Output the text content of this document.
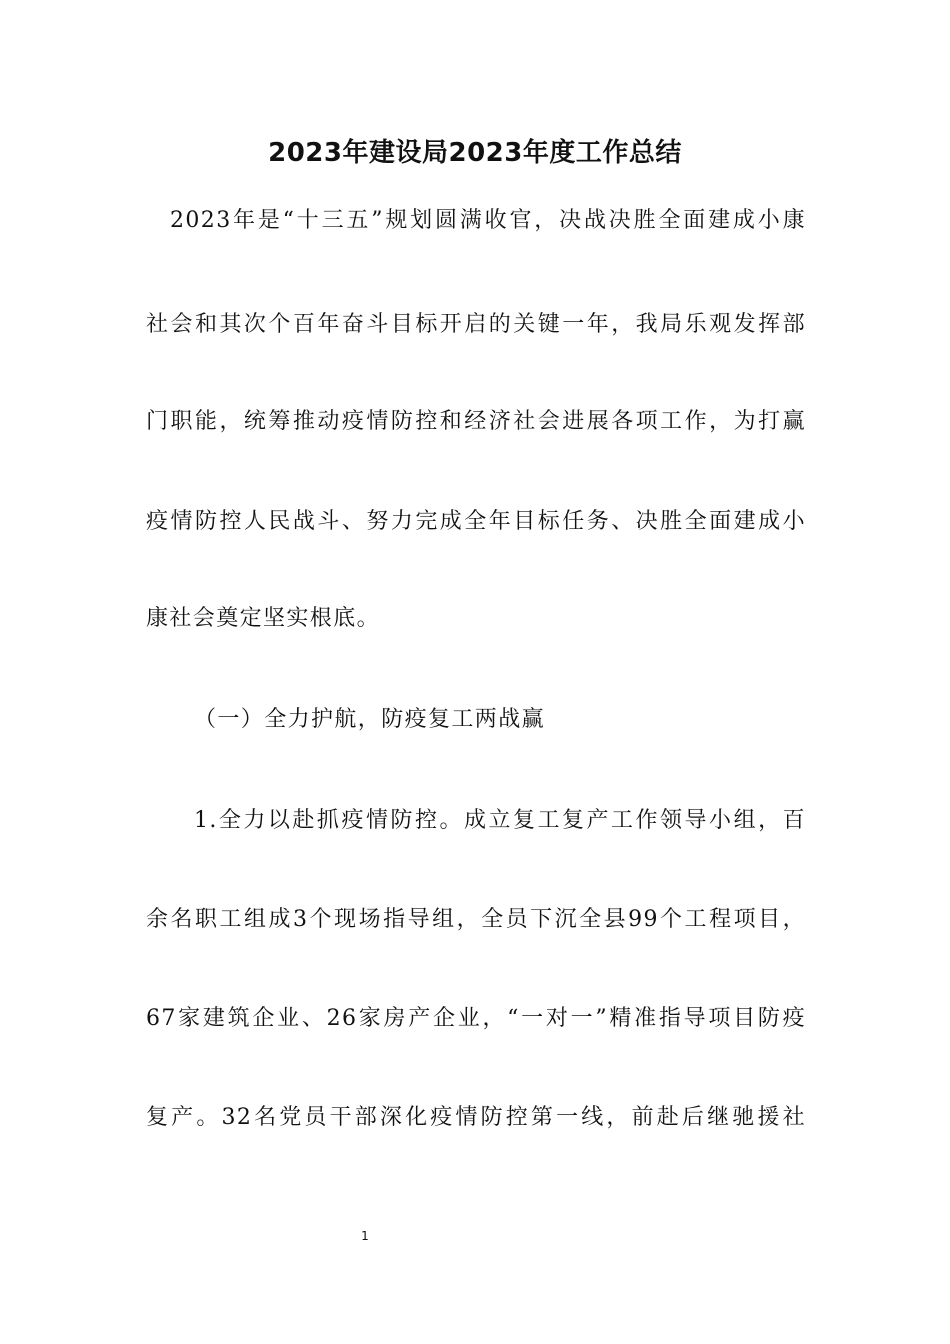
2023年建设局2023年度工作总结
2023年是“十三五”规划圆满收官，决战决胜全面建成小康
社会和其次个百年奋斗目标开启的关键一年，我局乐观发挥部
门职能，统筹推动疫情防控和经济社会进展各项工作，为打赢
疫情防控人民战斗、努力完成全年目标任务、决胜全面建成小
康社会奠定坚实根底。
（一）全力护航，防疫复工两战赢
1.全力以赴抓疫情防控。成立复工复产工作领导小组，百
余名职工组成3个现场指导组，全员下沉全县99个工程项目，
67家建筑企业、26家房产企业，“一对一”精准指导项目防疫
复产。32名党员干部深化疫情防控第一线，前赴后继驰援社
1
